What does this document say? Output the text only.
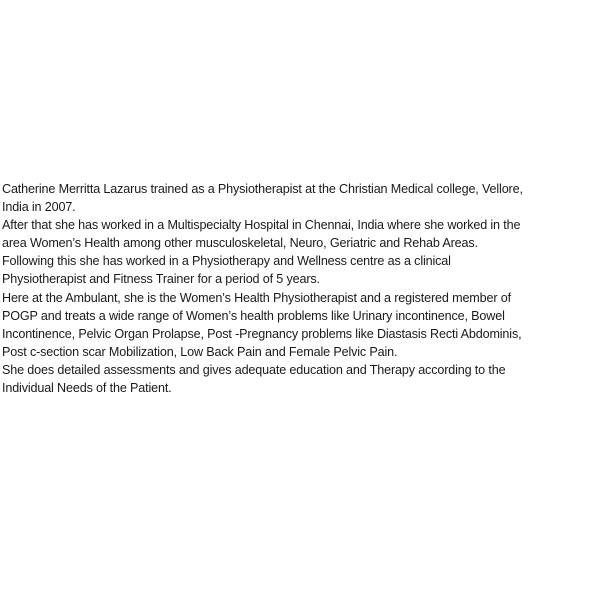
Catherine Merritta Lazarus trained as a Physiotherapist at the Christian Medical college, Vellore,
India in 2007.
After that she has worked in a Multispecialty Hospital in Chennai, India where she worked in the
area Women’s Health among other musculoskeletal, Neuro, Geriatric and Rehab Areas.
Following this she has worked in a Physiotherapy and Wellness centre as a clinical
Physiotherapist and Fitness Trainer for a period of 5 years.
Here at the Ambulant, she is the Women’s Health Physiotherapist and a registered member of
POGP and treats a wide range of Women’s health problems like Urinary incontinence, Bowel
Incontinence, Pelvic Organ Prolapse, Post -Pregnancy problems like Diastasis Recti Abdominis,
Post c-section scar Mobilization, Low Back Pain and Female Pelvic Pain.
She does detailed assessments and gives adequate education and Therapy according to the
Individual Needs of the Patient.
